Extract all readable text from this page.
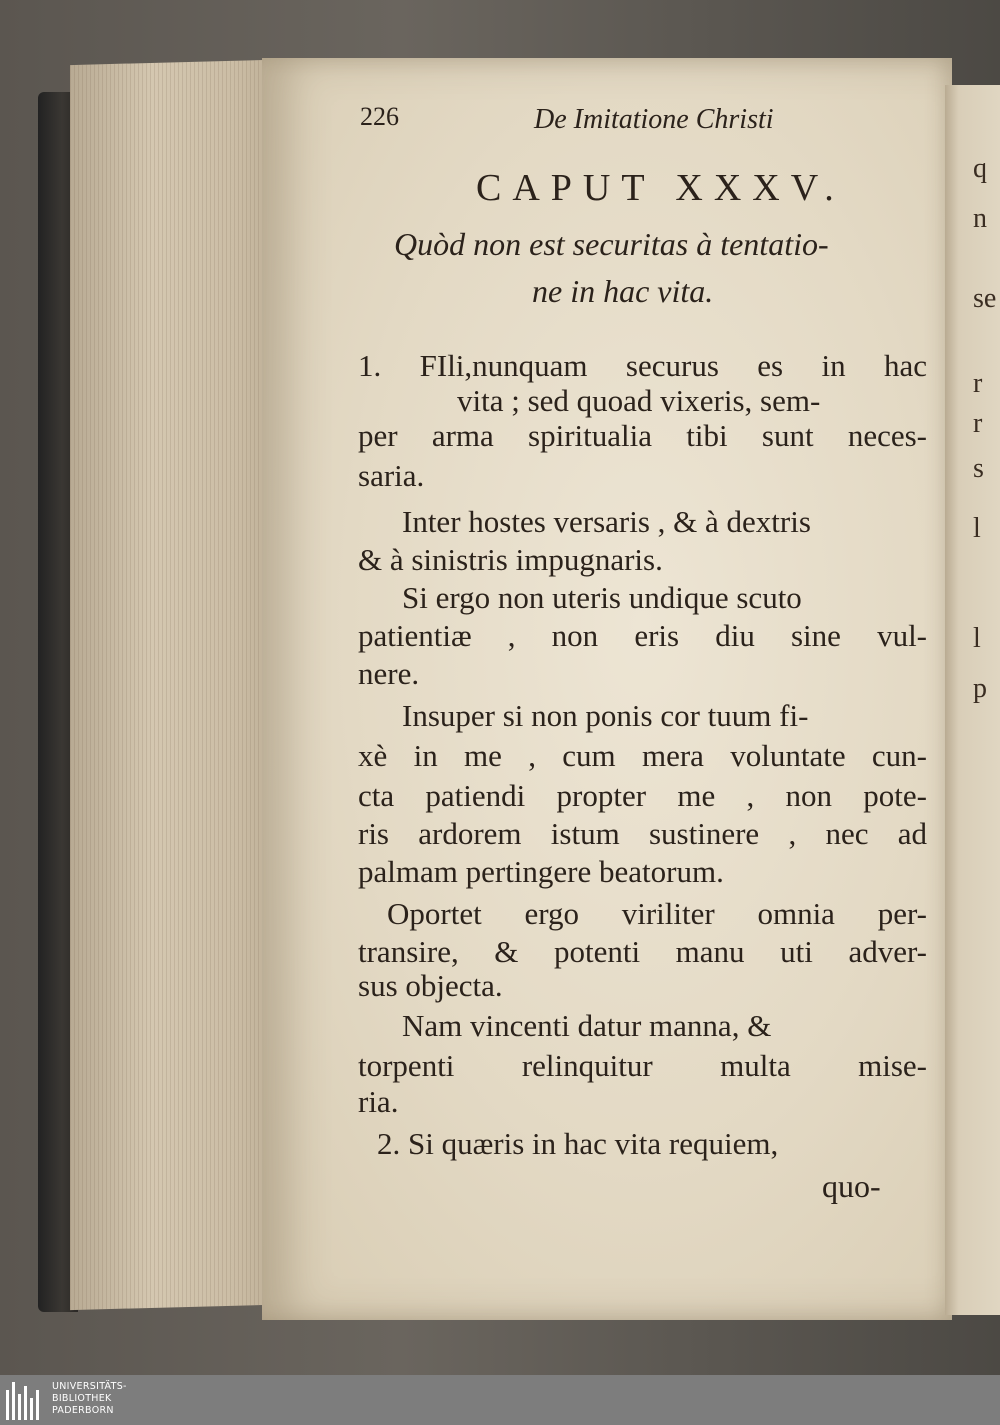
226	De Imitatione Christi
CAPUT XXXV.
Quòd non est securitas à tentatio-
ne in hac vita.
1. FIli,nunquam securus es in hac
vita ; sed quoad vixeris, sem-
per arma spiritualia tibi sunt neces-
saria.
Inter hostes versaris , & à dextris
& à sinistris impugnaris.
Si ergo non uteris undique scuto
patientiæ , non eris diu sine vul-
nere.
Insuper si non ponis cor tuum fi-
xè in me , cum mera voluntate cun-
cta patiendi propter me , non pote-
ris ardorem istum sustinere , nec ad
palmam pertingere beatorum.
Oportet ergo viriliter omnia per-
transire, & potenti manu uti adver-
sus objecta.
Nam vincenti datur manna, &
torpenti relinquitur multa mise-
ria.
2. Si quæris in hac vita requiem,
quo-
q
n
se
r
r
s
l
l
p
UNIVERSITÄTS-
BIBLIOTHEK
PADERBORN
